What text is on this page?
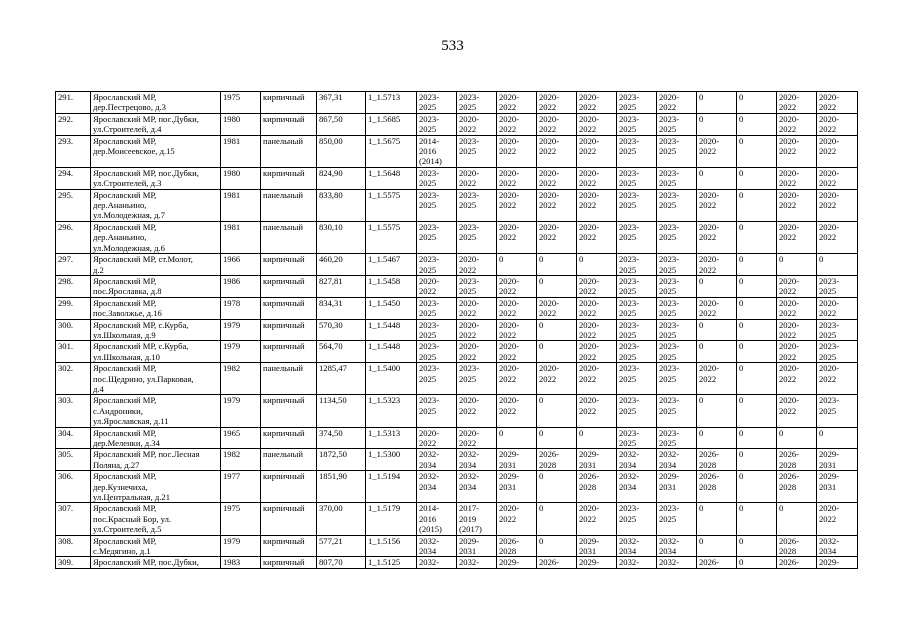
533
291.	Ярославский МР,
дер.Пестрецово, д.3	1975	кирпичный	367,31	1_1.5713	2023-
2025	2023-
2025	2020-
2022	2020-
2022	2020-
2022	2023-
2025	2020-
2022	0	0	2020-
2022	2020-
2022
292.	Ярославский МР, пос.Дубки,
ул.Строителей, д.4	1980	кирпичный	867,50	1_1.5685	2023-
2025	2020-
2022	2020-
2022	2020-
2022	2020-
2022	2023-
2025	2023-
2025	0	0	2020-
2022	2020-
2022
293.	Ярославский МР,
дер.Моисеевское, д.15	1981	панельный	850,00	1_1.5675	2014-
2016
(2014)	2023-
2025	2020-
2022	2020-
2022	2020-
2022	2023-
2025	2023-
2025	2020-
2022	0	2020-
2022	2020-
2022
294.	Ярославский МР, пос.Дубки,
ул.Строителей, д.3	1980	кирпичный	824,90	1_1.5648	2023-
2025	2020-
2022	2020-
2022	2020-
2022	2020-
2022	2023-
2025	2023-
2025	0	0	2020-
2022	2020-
2022
295.	Ярославский МР,
дер.Ананьино,
ул.Молодежная, д.7	1981	панельный	833,80	1_1.5575	2023-
2025	2023-
2025	2020-
2022	2020-
2022	2020-
2022	2023-
2025	2023-
2025	2020-
2022	0	2020-
2022	2020-
2022
296.	Ярославский МР,
дер.Ананьино,
ул.Молодежная, д.6	1981	панельный	830,10	1_1.5575	2023-
2025	2023-
2025	2020-
2022	2020-
2022	2020-
2022	2023-
2025	2023-
2025	2020-
2022	0	2020-
2022	2020-
2022
297.	Ярославский МР, ст.Молот,
д.2	1966	кирпичный	460,20	1_1.5467	2023-
2025	2020-
2022	0	0	0	2023-
2025	2023-
2025	2020-
2022	0	0	0
298.	Ярославский МР,
пос.Ярославка, д.8	1986	кирпичный	827,81	1_1.5458	2020-
2022	2023-
2025	2020-
2022	0	2020-
2022	2023-
2025	2023-
2025	0	0	2020-
2022	2023-
2025
299.	Ярославский МР,
пос.Заволжье, д.16	1978	кирпичный	834,31	1_1.5450	2023-
2025	2020-
2022	2020-
2022	2020-
2022	2020-
2022	2023-
2025	2023-
2025	2020-
2022	0	2020-
2022	2020-
2022
300.	Ярославский МР, с.Курба,
ул.Школьная, д.9	1979	кирпичный	570,30	1_1.5448	2023-
2025	2020-
2022	2020-
2022	0	2020-
2022	2023-
2025	2023-
2025	0	0	2020-
2022	2023-
2025
301.	Ярославский МР, с.Курба,
ул.Школьная, д.10	1979	кирпичный	564,70	1_1.5448	2023-
2025	2020-
2022	2020-
2022	0	2020-
2022	2023-
2025	2023-
2025	0	0	2020-
2022	2023-
2025
302.	Ярославский МР,
пос.Щедрино, ул.Парковая,
д.4	1982	панельный	1285,47	1_1.5400	2023-
2025	2023-
2025	2020-
2022	2020-
2022	2020-
2022	2023-
2025	2023-
2025	2020-
2022	0	2020-
2022	2020-
2022
303.	Ярославский МР,
с.Андроники,
ул.Ярославская, д.11	1979	кирпичный	1134,50	1_1.5323	2023-
2025	2020-
2022	2020-
2022	0	2020-
2022	2023-
2025	2023-
2025	0	0	2020-
2022	2023-
2025
304.	Ярославский МР,
дер.Меленки, д.34	1965	кирпичный	374,50	1_1.5313	2020-
2022	2020-
2022	0	0	0	2023-
2025	2023-
2025	0	0	0	0
305.	Ярославский МР, пос.Лесная
Поляна, д.27	1982	панельный	1872,50	1_1.5300	2032-
2034	2032-
2034	2029-
2031	2026-
2028	2029-
2031	2032-
2034	2032-
2034	2026-
2028	0	2026-
2028	2029-
2031
306.	Ярославский МР,
дер.Кузнечиха,
ул.Центральная, д.21	1977	кирпичный	1851,90	1_1.5194	2032-
2034	2032-
2034	2029-
2031	0	2026-
2028	2032-
2034	2029-
2031	2026-
2028	0	2026-
2028	2029-
2031
307.	Ярославский МР,
пос.Красный Бор, ул.
ул.Строителей, д.5	1975	кирпичный	370,00	1_1.5179	2014-
2016
(2015)	2017-
2019
(2017)	2020-
2022	0	2020-
2022	2023-
2025	2023-
2025	0	0	0	2020-
2022
308.	Ярославский МР,
с.Медягино, д.1	1979	кирпичный	577,21	1_1.5156	2032-
2034	2029-
2031	2026-
2028	0	2029-
2031	2032-
2034	2032-
2034	0	0	2026-
2028	2032-
2034
309.	Ярославский МР, пос.Дубки,	1983	кирпичный	807,70	1_1.5125	2032-	2032-	2029-	2026-	2029-	2032-	2032-	2026-	0	2026-	2029-
